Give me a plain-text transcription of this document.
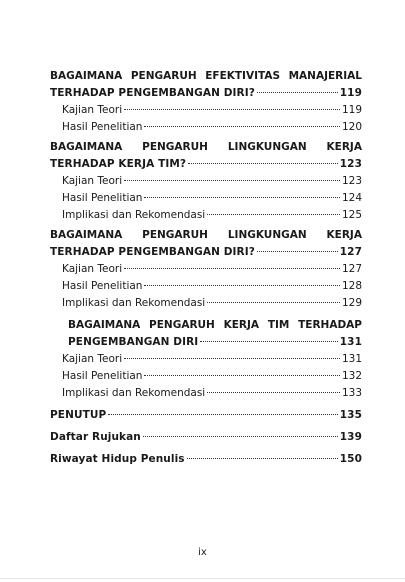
BAGAIMANA PENGARUH EFEKTIVITAS MANAJERIAL
TERHADAP PENGEMBANGAN DIRI?	119
Kajian Teori	119
Hasil Penelitian	120
BAGAIMANA PENGARUH LINGKUNGAN KERJA
TERHADAP KERJA TIM?	123
Kajian Teori	123
Hasil Penelitian	124
Implikasi dan Rekomendasi	125
BAGAIMANA PENGARUH LINGKUNGAN KERJA
TERHADAP PENGEMBANGAN DIRI?	127
Kajian Teori	127
Hasil Penelitian	128
Implikasi dan Rekomendasi	129
BAGAIMANA PENGARUH KERJA TIM TERHADAP
PENGEMBANGAN DIRI	131
Kajian Teori	131
Hasil Penelitian	132
Implikasi dan Rekomendasi	133
PENUTUP	135
Daftar Rujukan	139
Riwayat Hidup Penulis	150
ix
